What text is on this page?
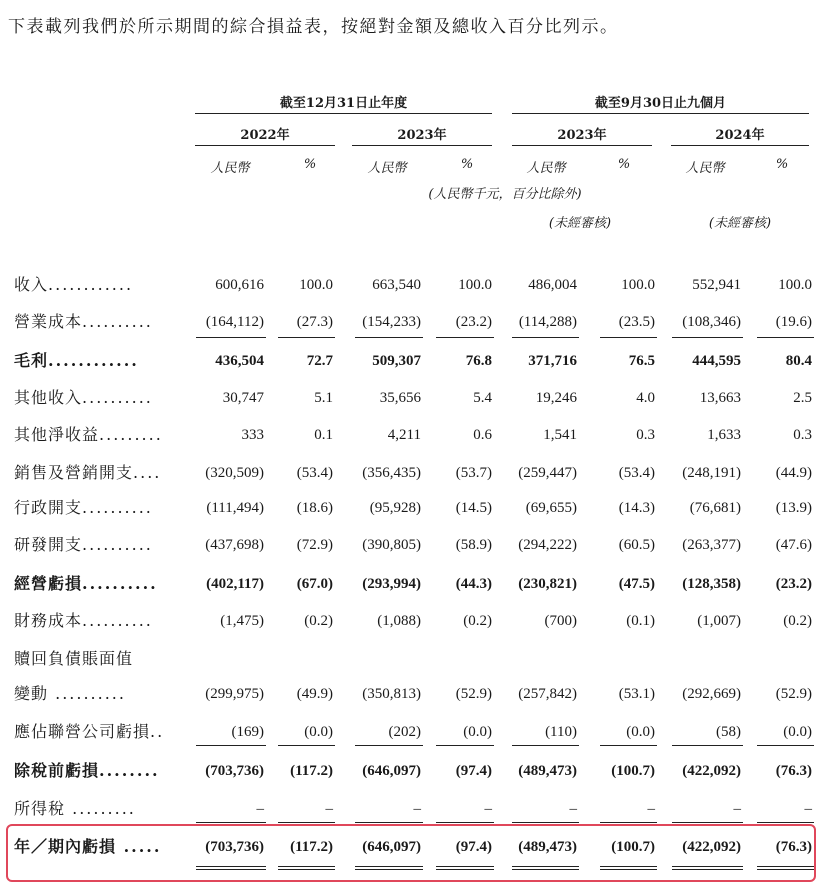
下表載列我們於所示期間的綜合損益表，按絕對金額及總收入百分比列示。
截至12月31日止年度	截至9月30日止九個月
2022年	2023年	2023年	2024年
人民幣	%	人民幣	%	人民幣	%	人民幣	%
(人民幣千元，百分比除外)
(未經審核)	(未經審核)
收入............	600,616	100.0	663,540	100.0	486,004	100.0	552,941	100.0
營業成本..........	(164,112)	(27.3)	(154,233)	(23.2)	(114,288)	(23.5)	(108,346)	(19.6)
毛利............	436,504	72.7	509,307	76.8	371,716	76.5	444,595	80.4
其他收入..........	30,747	5.1	35,656	5.4	19,246	4.0	13,663	2.5
其他淨收益.........	333	0.1	4,211	0.6	1,541	0.3	1,633	0.3
銷售及營銷開支....	(320,509)	(53.4)	(356,435)	(53.7)	(259,447)	(53.4)	(248,191)	(44.9)
行政開支..........	(111,494)	(18.6)	(95,928)	(14.5)	(69,655)	(14.3)	(76,681)	(13.9)
研發開支..........	(437,698)	(72.9)	(390,805)	(58.9)	(294,222)	(60.5)	(263,377)	(47.6)
經營虧損..........	(402,117)	(67.0)	(293,994)	(44.3)	(230,821)	(47.5)	(128,358)	(23.2)
財務成本..........	(1,475)	(0.2)	(1,088)	(0.2)	(700)	(0.1)	(1,007)	(0.2)
贖回負債賬面值
變動 ..........	(299,975)	(49.9)	(350,813)	(52.9)	(257,842)	(53.1)	(292,669)	(52.9)
應佔聯營公司虧損..	(169)	(0.0)	(202)	(0.0)	(110)	(0.0)	(58)	(0.0)
除稅前虧損........	(703,736)	(117.2)	(646,097)	(97.4)	(489,473)	(100.7)	(422,092)	(76.3)
所得稅 .........	–	–	–	–	–	–	–	–
年／期內虧損 .....	(703,736)	(117.2)	(646,097)	(97.4)	(489,473)	(100.7)	(422,092)	(76.3)
